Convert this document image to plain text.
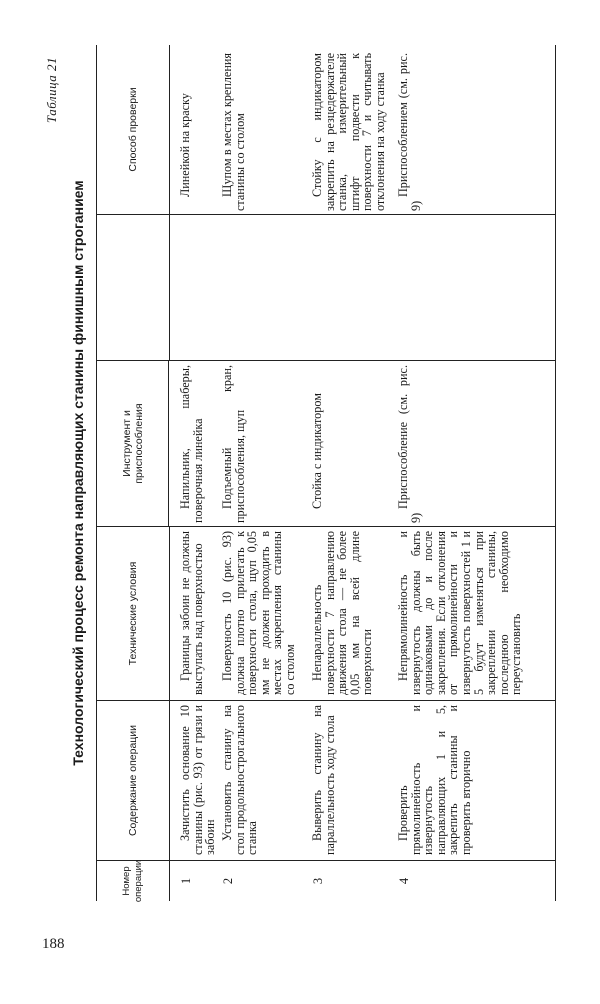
188
Таблица 21
Технологический процесс ремонта направляющих станины финишным строганием
Номер операции
Содержание операции
Технические условия
Инструмент и приспособления
Способ проверки
1
Зачистить основание 10 станины (рис. 93) от грязи и забоин
Границы забоин не должны выступать над поверхностью
Напильник, шаберы, поверочная линейка
Линейкой на краску
2
Установить станину на стол продольнострогального станка
Поверхность 10 (рис. 93) должна плотно прилегать к поверхности стола, щуп 0,05 мм не должен проходить в местах закрепления станины со столом
Подъемный кран, приспособления, щуп
Щупом в местах крепления станины со столом
3
Выверить станину на параллельность ходу стола
Непараллельность поверхности 7 направлению движения стола — не более 0,05 мм на всей длине поверхности
Стойка с индикатором
Стойку с индикатором закрепить на резцедержателе станка, измерительный штифт подвести к поверхности 7 и считывать отклонения на ходу станка
4
Проверить прямолинейность и извернутость направляющих 1 и 5, закрепить станины и проверить вторично
Непрямолинейность и извернутость должны быть одинаковыми до и после закрепления. Если отклонения от прямолинейности и извернутость поверхностей 1 и 5 будут изменяться при закреплении станины, последнюю необходимо переустановить
Приспособление (см. рис. 9)
Приспособлением (см. рис. 9)
